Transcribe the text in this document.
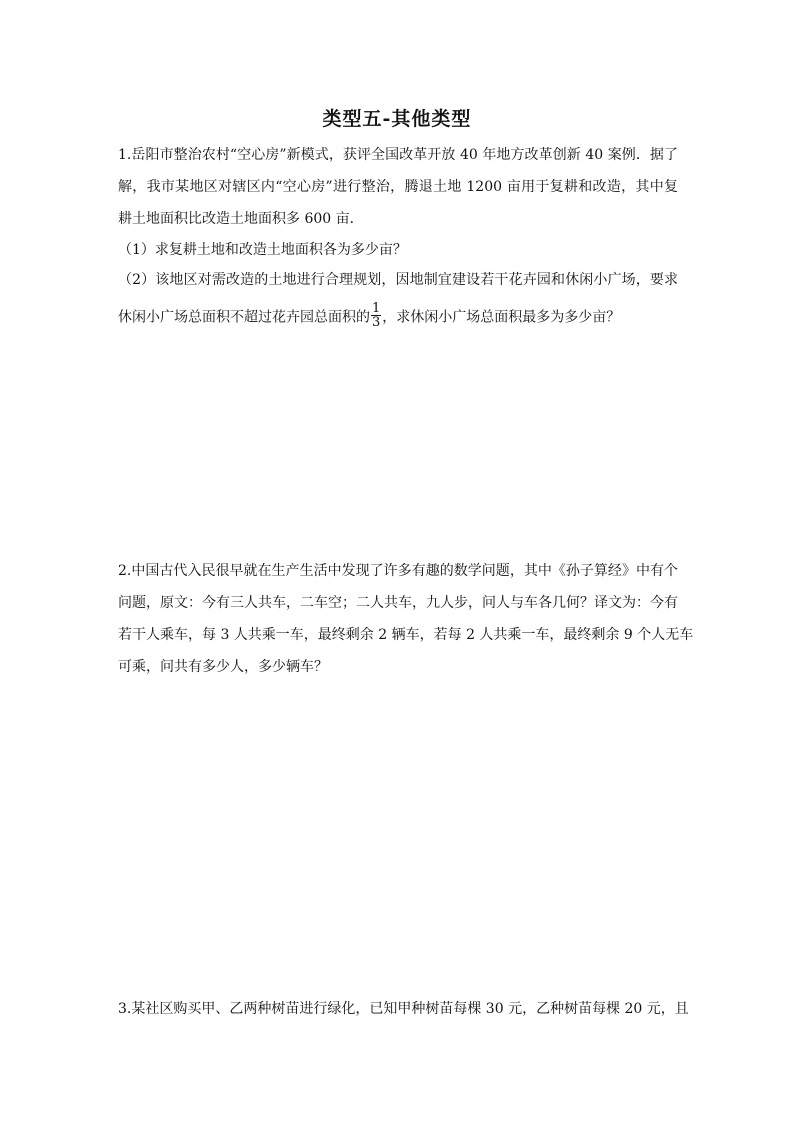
类型五-其他类型
1.岳阳市整治农村“空心房”新模式，获评全国改革开放 40 年地方改革创新 40 案例．据了
解，我市某地区对辖区内“空心房”进行整治，腾退土地 1200 亩用于复耕和改造，其中复
耕土地面积比改造土地面积多 600 亩．
（1）求复耕土地和改造土地面积各为多少亩？
（2）该地区对需改造的土地进行合理规划，因地制宜建设若干花卉园和休闲小广场，要求
休闲小广场总面积不超过花卉园总面积的 $\frac{1}{3}$ ，求休闲小广场总面积最多为多少亩？
2.中国古代入民很早就在生产生活中发现了许多有趣的数学问题，其中《孙子算经》中有个
问题，原文：今有三人共车，二车空；二人共车，九人步，问人与车各几何？译文为：今有
若干人乘车，每 3 人共乘一车，最终剩余 2 辆车，若每 2 人共乘一车，最终剩余 9 个人无车
可乘，问共有多少人，多少辆车？
3.某社区购买甲、乙两种树苗进行绿化，已知甲种树苗每棵 30 元，乙种树苗每棵 20 元，且
